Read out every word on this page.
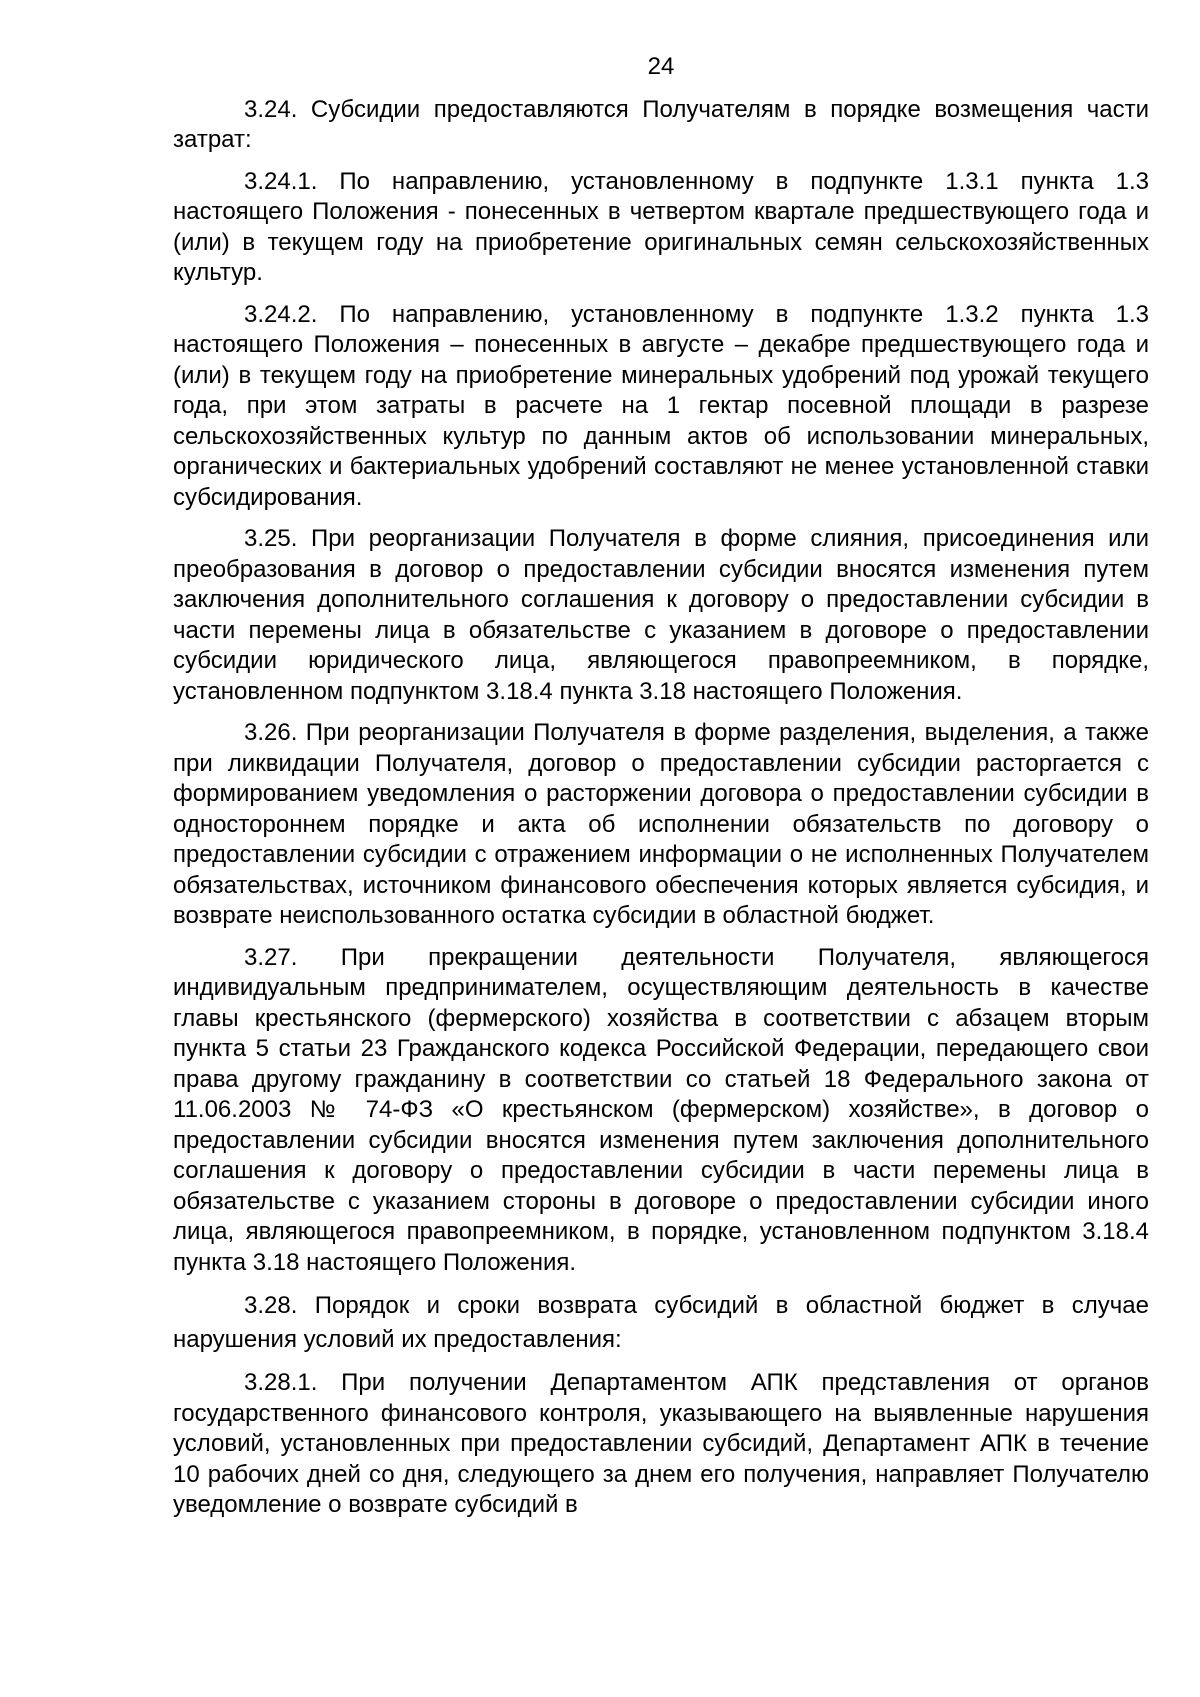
24

3.24. Субсидии предоставляются Получателям в порядке возмещения части затрат:

3.24.1. По направлению, установленному в подпункте 1.3.1 пункта 1.3 настоящего Положения - понесенных в четвертом квартале предшествующего года и (или) в текущем году на приобретение оригинальных семян сельскохозяйственных культур.

3.24.2. По направлению, установленному в подпункте 1.3.2 пункта 1.3 настоящего Положения – понесенных в августе – декабре предшествующего года и (или) в текущем году на приобретение минеральных удобрений под урожай текущего года, при этом затраты в расчете на 1 гектар посевной площади в разрезе сельскохозяйственных культур по данным актов об использовании минеральных, органических и бактериальных удобрений составляют не менее установленной ставки субсидирования.

3.25. При реорганизации Получателя в форме слияния, присоединения или преобразования в договор о предоставлении субсидии вносятся изменения путем заключения дополнительного соглашения к договору о предоставлении субсидии в части перемены лица в обязательстве с указанием в договоре о предоставлении субсидии юридического лица, являющегося правопреемником, в порядке, установленном подпунктом 3.18.4 пункта 3.18 настоящего Положения.

3.26. При реорганизации Получателя в форме разделения, выделения, а также при ликвидации Получателя, договор о предоставлении субсидии расторгается с формированием уведомления о расторжении договора о предоставлении субсидии в одностороннем порядке и акта об исполнении обязательств по договору о предоставлении субсидии с отражением информации о не исполненных Получателем обязательствах, источником финансового обеспечения которых является субсидия, и возврате неиспользованного остатка субсидии в областной бюджет.

3.27. При прекращении деятельности Получателя, являющегося индивидуальным предпринимателем, осуществляющим деятельность в качестве главы крестьянского (фермерского) хозяйства в соответствии с абзацем вторым пункта 5 статьи 23 Гражданского кодекса Российской Федерации, передающего свои права другому гражданину в соответствии со статьей 18 Федерального закона от 11.06.2003 № 74-ФЗ «О крестьянском (фермерском) хозяйстве», в договор о предоставлении субсидии вносятся изменения путем заключения дополнительного соглашения к договору о предоставлении субсидии в части перемены лица в обязательстве с указанием стороны в договоре о предоставлении субсидии иного лица, являющегося правопреемником, в порядке, установленном подпунктом 3.18.4 пункта 3.18 настоящего Положения.

3.28. Порядок и сроки возврата субсидий в областной бюджет в случае нарушения условий их предоставления:

3.28.1. При получении Департаментом АПК представления от органов государственного финансового контроля, указывающего на выявленные нарушения условий, установленных при предоставлении субсидий, Департамент АПК в течение 10 рабочих дней со дня, следующего за днем его получения, направляет Получателю уведомление о возврате субсидий в
